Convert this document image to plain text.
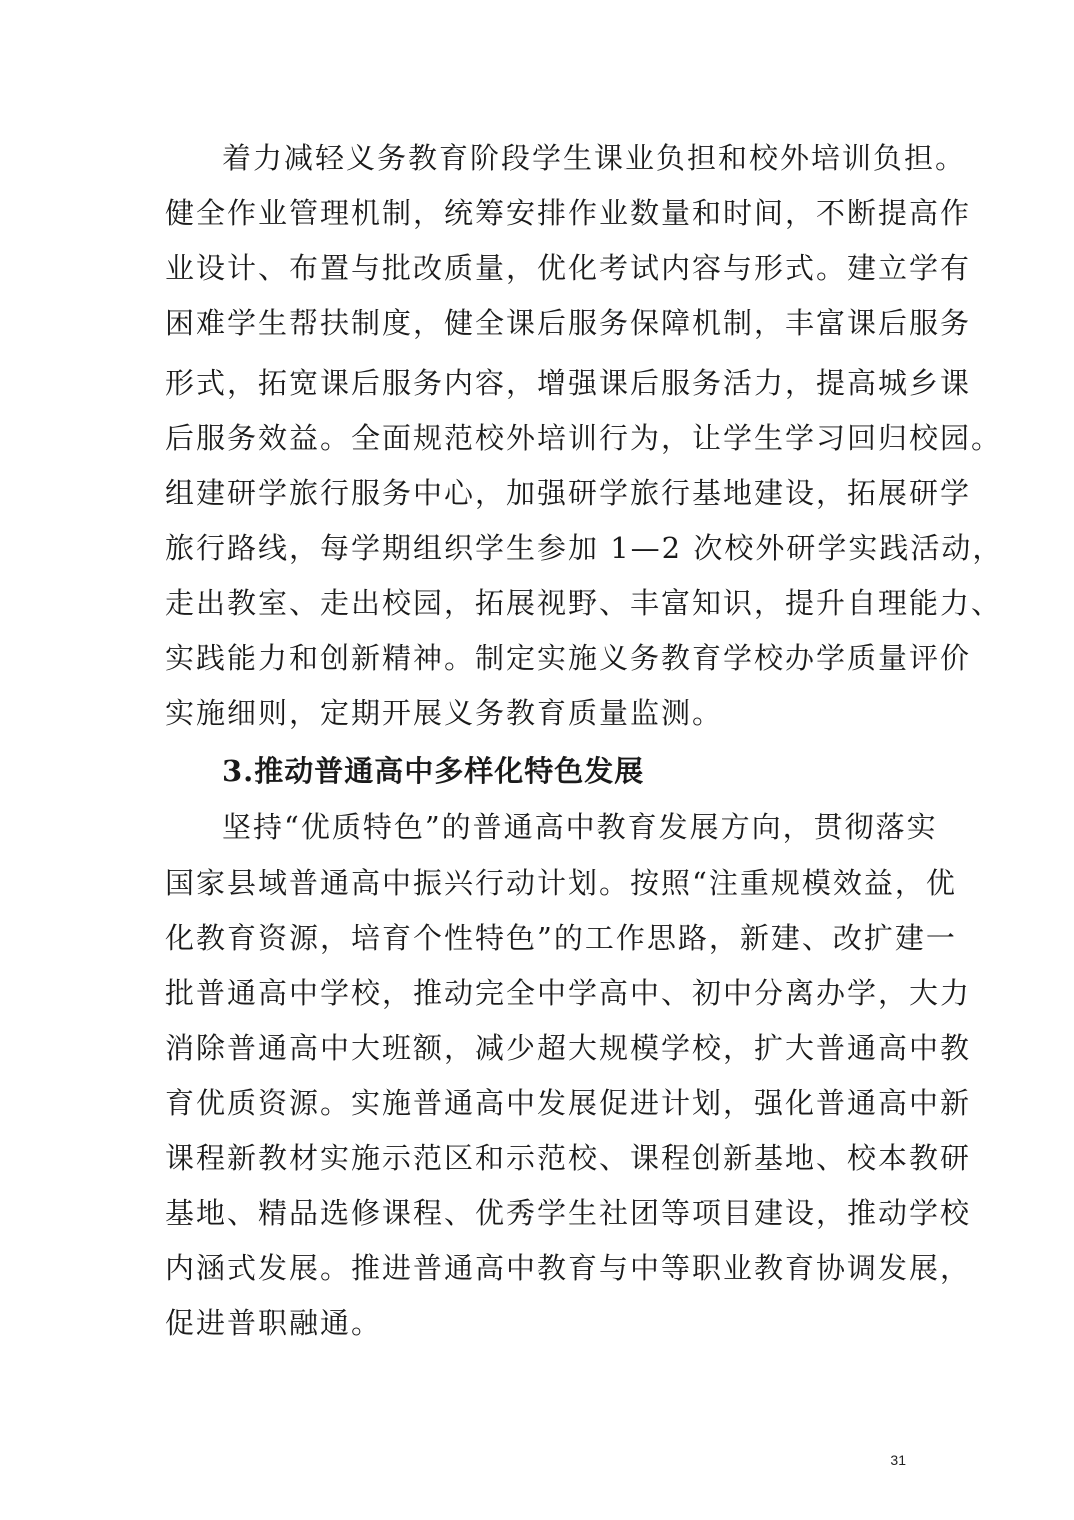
着力减轻义务教育阶段学生课业负担和校外培训负担。
健全作业管理机制，统筹安排作业数量和时间，不断提高作
业设计、布置与批改质量，优化考试内容与形式。建立学有
困难学生帮扶制度，健全课后服务保障机制，丰富课后服务
形式，拓宽课后服务内容，增强课后服务活力，提高城乡课
后服务效益。全面规范校外培训行为，让学生学习回归校园。
组建研学旅行服务中心，加强研学旅行基地建设，拓展研学
旅行路线，每学期组织学生参加 1—2 次校外研学实践活动，
走出教室、走出校园，拓展视野、丰富知识，提升自理能力、
实践能力和创新精神。制定实施义务教育学校办学质量评价
实施细则，定期开展义务教育质量监测。
3.推动普通高中多样化特色发展
坚持“优质特色”的普通高中教育发展方向，贯彻落实
国家县域普通高中振兴行动计划。按照“注重规模效益，优
化教育资源，培育个性特色”的工作思路，新建、改扩建一
批普通高中学校，推动完全中学高中、初中分离办学，大力
消除普通高中大班额，减少超大规模学校，扩大普通高中教
育优质资源。实施普通高中发展促进计划，强化普通高中新
课程新教材实施示范区和示范校、课程创新基地、校本教研
基地、精品选修课程、优秀学生社团等项目建设，推动学校
内涵式发展。推进普通高中教育与中等职业教育协调发展，
促进普职融通。
31
